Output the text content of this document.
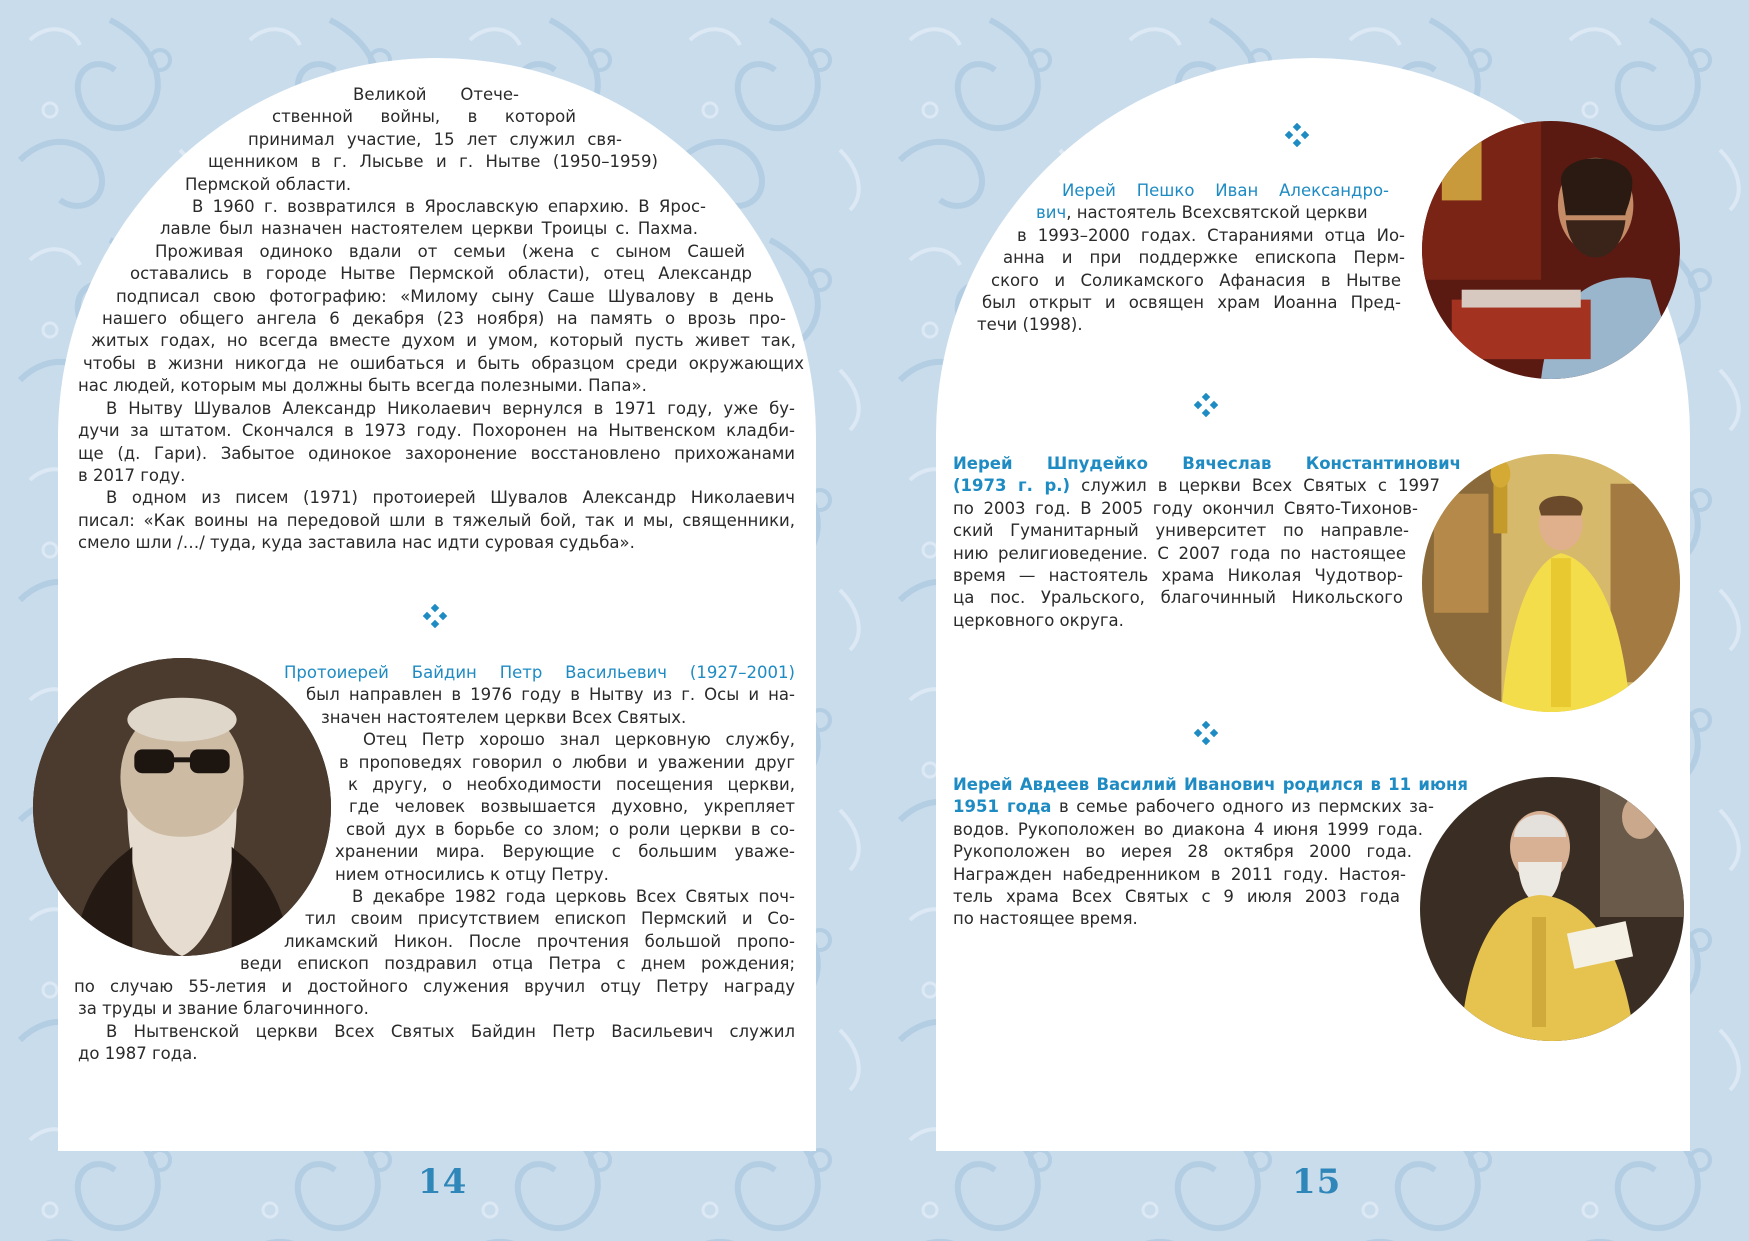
Великой Отече-
ственной войны, в которой
принимал участие, 15 лет служил свя-
щенником в г. Лысьве и г. Нытве (1950–1959)
Пермской области.
В 1960 г. возвратился в Ярославскую епархию. В Ярос-
лавле был назначен настоятелем церкви Троицы с. Пахма.
Проживая одиноко вдали от семьи (жена с сыном Сашей
оставались в городе Нытве Пермской области), отец Александр
подписал свою фотографию: «Милому сыну Саше Шувалову в день
нашего общего ангела 6 декабря (23 ноября) на память о врозь про-
житых годах, но всегда вместе духом и умом, который пусть живет так,
чтобы в жизни никогда не ошибаться и быть образцом среди окружающих
нас людей, которым мы должны быть всегда полезными. Папа».
В Нытву Шувалов Александр Николаевич вернулся в 1971 году, уже бу-
дучи за штатом. Скончался в 1973 году. Похоронен на Нытвенском кладби-
ще (д. Гари). Забытое одинокое захоронение восстановлено прихожанами
в 2017 году.
В одном из писем (1971) протоиерей Шувалов Александр Николаевич
писал: «Как воины на передовой шли в тяжелый бой, так и мы, священники,
смело шли /…/ туда, куда заставила нас идти суровая судьба».
Протоиерей Байдин Петр Васильевич (1927–2001)
был направлен в 1976 году в Нытву из г. Осы и на-
значен настоятелем церкви Всех Святых.
Отец Петр хорошо знал церковную службу,
в проповедях говорил о любви и уважении друг
к другу, о необходимости посещения церкви,
где человек возвышается духовно, укрепляет
свой дух в борьбе со злом; о роли церкви в со-
хранении мира. Верующие с большим уваже-
нием относились к отцу Петру.
В декабре 1982 года церковь Всех Святых поч-
тил своим присутствием епископ Пермский и Со-
ликамский Никон. После прочтения большой пропо-
веди епископ поздравил отца Петра с днем рождения;
по случаю 55-летия и достойного служения вручил отцу Петру награду
за труды и звание благочинного.
В Нытвенской церкви Всех Святых Байдин Петр Васильевич служил
до 1987 года.
14
Иерей Пешко Иван Александро-
вич, настоятель Всехсвятской церкви
в 1993–2000 годах. Стараниями отца Ио-
анна и при поддержке епископа Перм-
ского и Соликамского Афанасия в Нытве
был открыт и освящен храм Иоанна Пред-
течи (1998).
Иерей Шпудейко Вячеслав Константинович
(1973 г. р.) служил в церкви Всех Святых с 1997
по 2003 год. В 2005 году окончил Свято-Тихонов-
ский Гуманитарный университет по направле-
нию религиоведение. С 2007 года по настоящее
время — настоятель храма Николая Чудотвор-
ца пос. Уральского, благочинный Никольского
церковного округа.
Иерей Авдеев Василий Иванович родился в 11 июня
1951 года в семье рабочего одного из пермских за-
водов. Рукоположен во диакона 4 июня 1999 года.
Рукоположен во иерея 28 октября 2000 года.
Награжден набедренником в 2011 году. Настоя-
тель храма Всех Святых с 9 июля 2003 года
по настоящее время.
15
